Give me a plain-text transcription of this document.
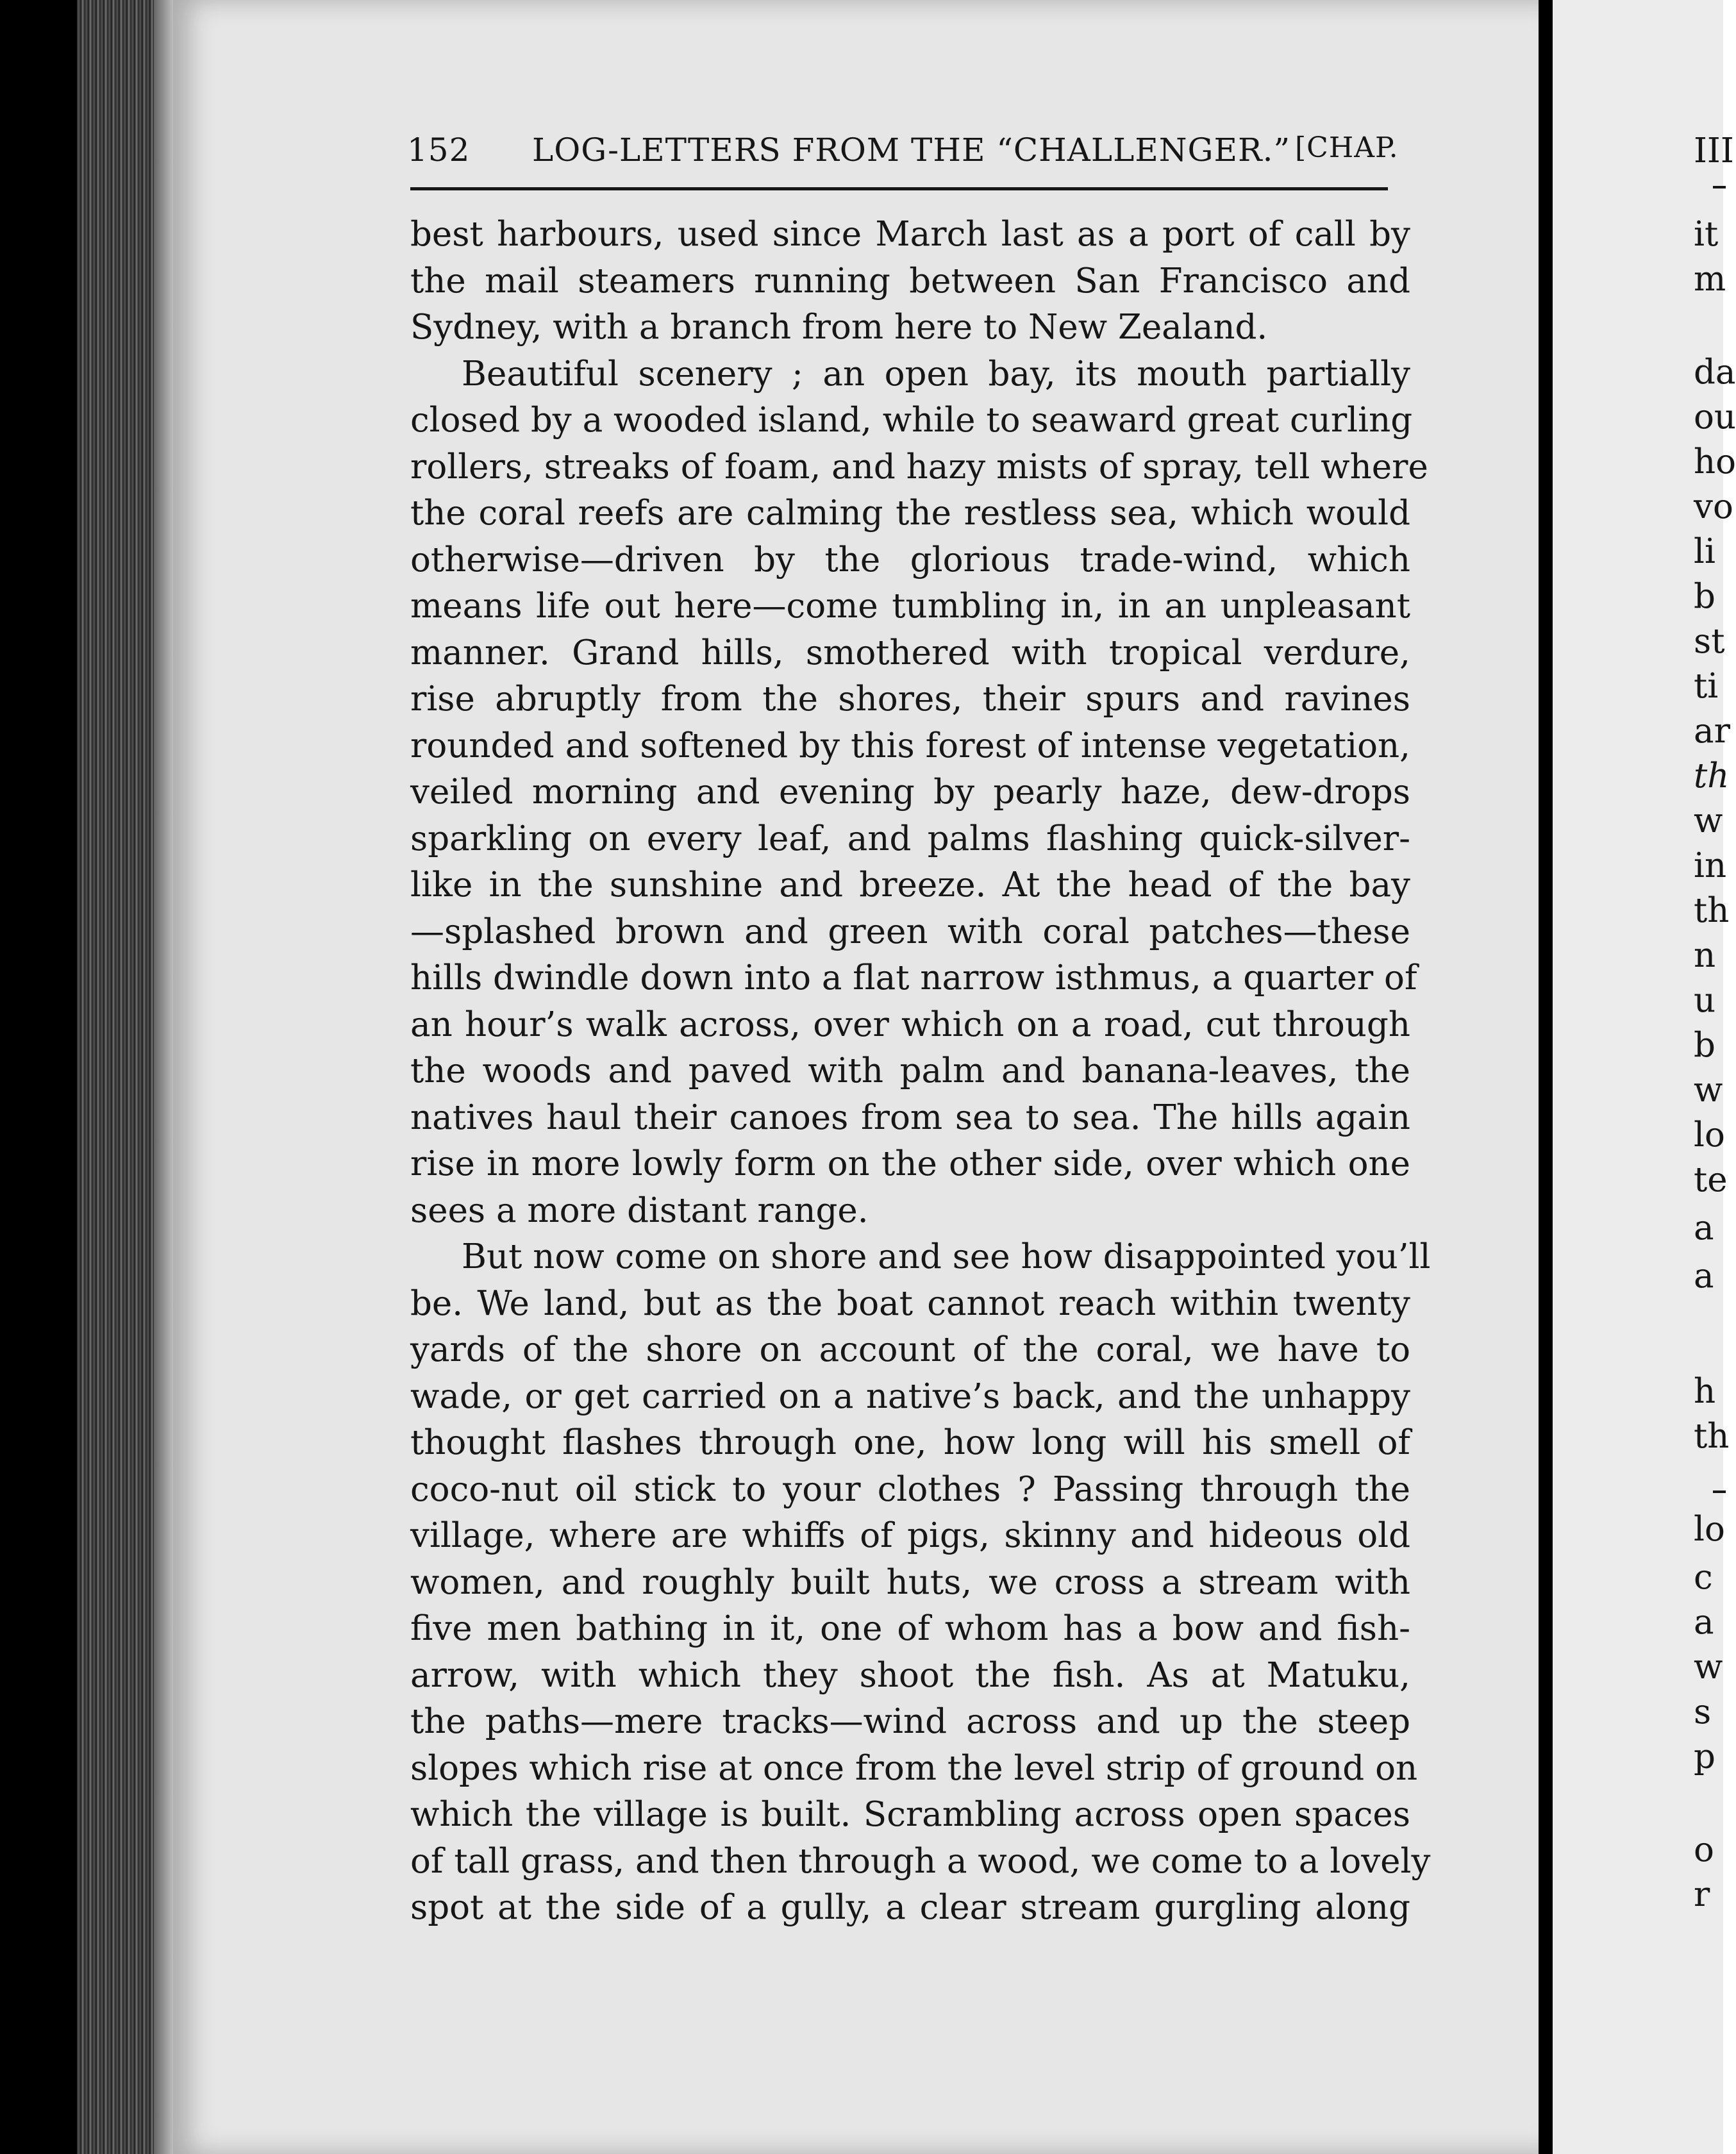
152 LOG-LETTERS FROM THE “CHALLENGER.” [CHAP.
best harbours, used since March last as a port of call by
the mail steamers running between San Francisco and
Sydney, with a branch from here to New Zealand.
Beautiful scenery ; an open bay, its mouth partially
closed by a wooded island, while to seaward great curling
rollers, streaks of foam, and hazy mists of spray, tell where
the coral reefs are calming the restless sea, which would
otherwise—driven by the glorious trade-wind, which
means life out here—come tumbling in, in an unpleasant
manner. Grand hills, smothered with tropical verdure,
rise abruptly from the shores, their spurs and ravines
rounded and softened by this forest of intense vegetation,
veiled morning and evening by pearly haze, dew-drops
sparkling on every leaf, and palms flashing quick-silver-
like in the sunshine and breeze. At the head of the bay
—splashed brown and green with coral patches—these
hills dwindle down into a flat narrow isthmus, a quarter of
an hour’s walk across, over which on a road, cut through
the woods and paved with palm and banana-leaves, the
natives haul their canoes from sea to sea. The hills again
rise in more lowly form on the other side, over which one
sees a more distant range.
But now come on shore and see how disappointed you’ll
be. We land, but as the boat cannot reach within twenty
yards of the shore on account of the coral, we have to
wade, or get carried on a native’s back, and the unhappy
thought flashes through one, how long will his smell of
coco-nut oil stick to your clothes ? Passing through the
village, where are whiffs of pigs, skinny and hideous old
women, and roughly built huts, we cross a stream with
five men bathing in it, one of whom has a bow and fish-
arrow, with which they shoot the fish. As at Matuku,
the paths—mere tracks—wind across and up the steep
slopes which rise at once from the level strip of ground on
which the village is built. Scrambling across open spaces
of tall grass, and then through a wood, we come to a lovely
spot at the side of a gully, a clear stream gurgling along
III
it
m
da
ou
ho
vo
li
b
st
ti
ar
th
w
in
th
n
u
b
w
lo
te
a
a
h
th
lo
c
a
w
s
p
o
r
